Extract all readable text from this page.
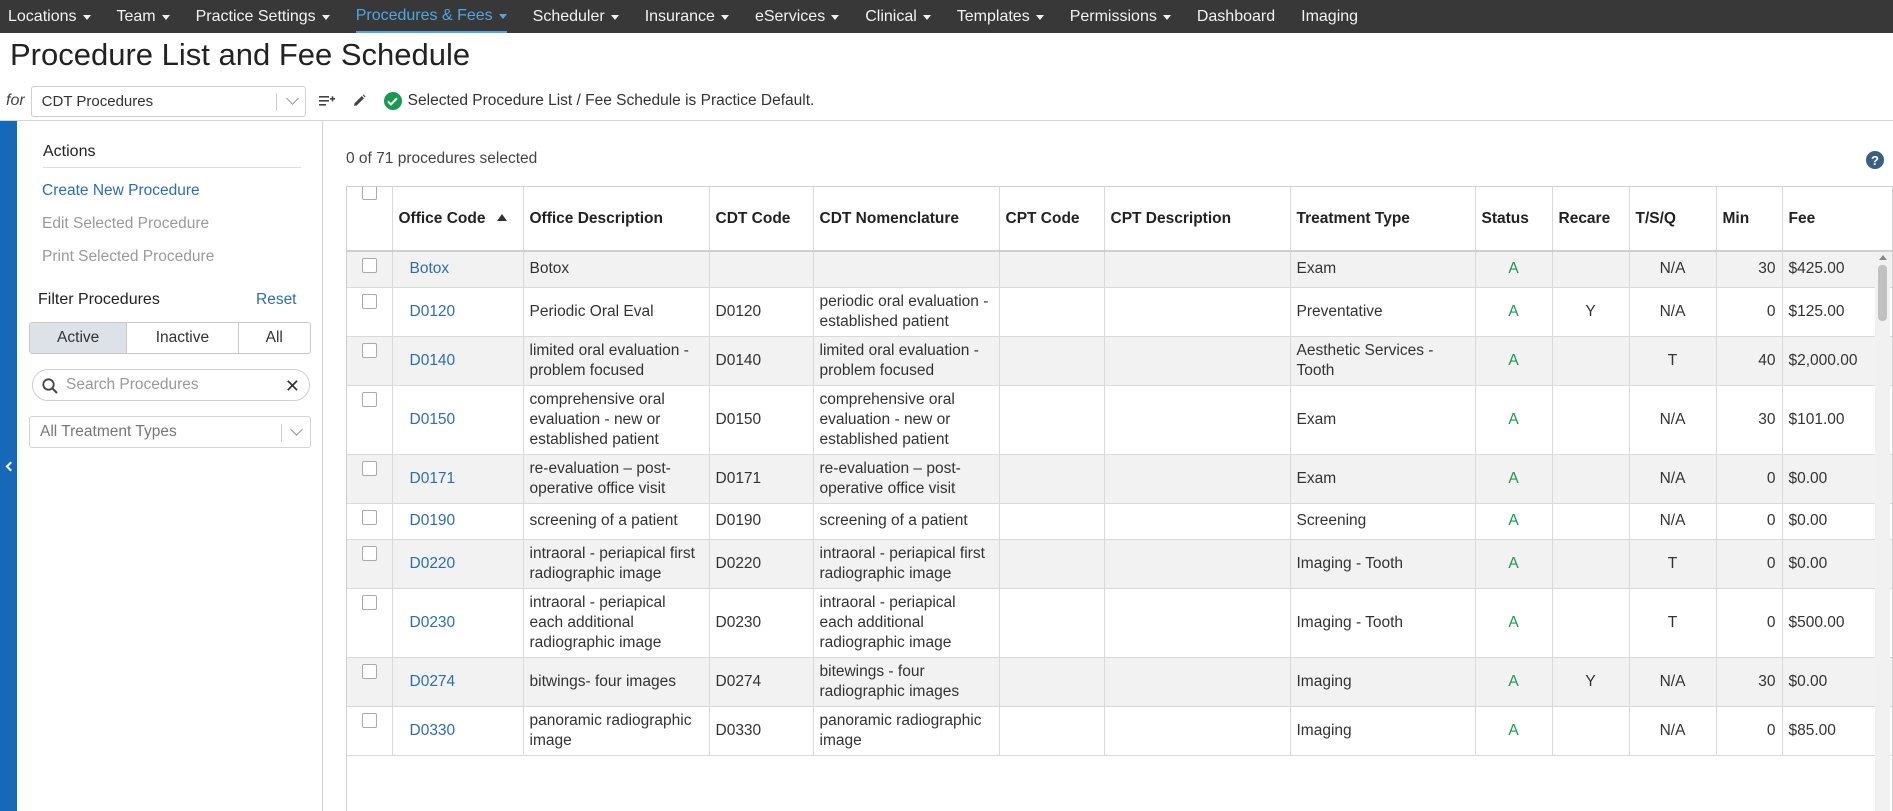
Locations	Team	Practice Settings	Procedures & Fees	Scheduler	Insurance	eServices	Clinical	Templates	Permissions	Dashboard Imaging
Procedure List and Fee Schedule
for CDT Procedures	Selected Procedure List / Fee Schedule is Practice Default.
Actions
Create New Procedure
Edit Selected Procedure
Print Selected Procedure
Filter Procedures	Reset
Active	Inactive	All
Search Procedures	✕
All Treatment Types
0 of 71 procedures selected	?
	Office Code	Office Description	CDT Code	CDT Nomenclature	CPT Code	CPT Description	Treatment Type	Status	Recare	T/S/Q	Min	Fee
	Botox	Botox					Exam	A		N/A	30	$425.00
	D0120	Periodic Oral Eval	D0120	periodic oral evaluation - established patient			Preventative	A	Y	N/A	0	$125.00
	D0140	limited oral evaluation - problem focused	D0140	limited oral evaluation - problem focused			Aesthetic Services - Tooth	A		T	40	$2,000.00
	D0150	comprehensive oral evaluation - new or established patient	D0150	comprehensive oral evaluation - new or established patient			Exam	A		N/A	30	$101.00
	D0171	re-evaluation – post-operative office visit	D0171	re-evaluation – post-operative office visit			Exam	A		N/A	0	$0.00
	D0190	screening of a patient	D0190	screening of a patient			Screening	A		N/A	0	$0.00
	D0220	intraoral - periapical first radiographic image	D0220	intraoral - periapical first radiographic image			Imaging - Tooth	A		T	0	$0.00
	D0230	intraoral - periapical each additional radiographic image	D0230	intraoral - periapical each additional radiographic image			Imaging - Tooth	A		T	0	$500.00
	D0274	bitwings- four images	D0274	bitewings - four radiographic images			Imaging	A	Y	N/A	30	$0.00
	D0330	panoramic radiographic image	D0330	panoramic radiographic image			Imaging	A		N/A	0	$85.00
